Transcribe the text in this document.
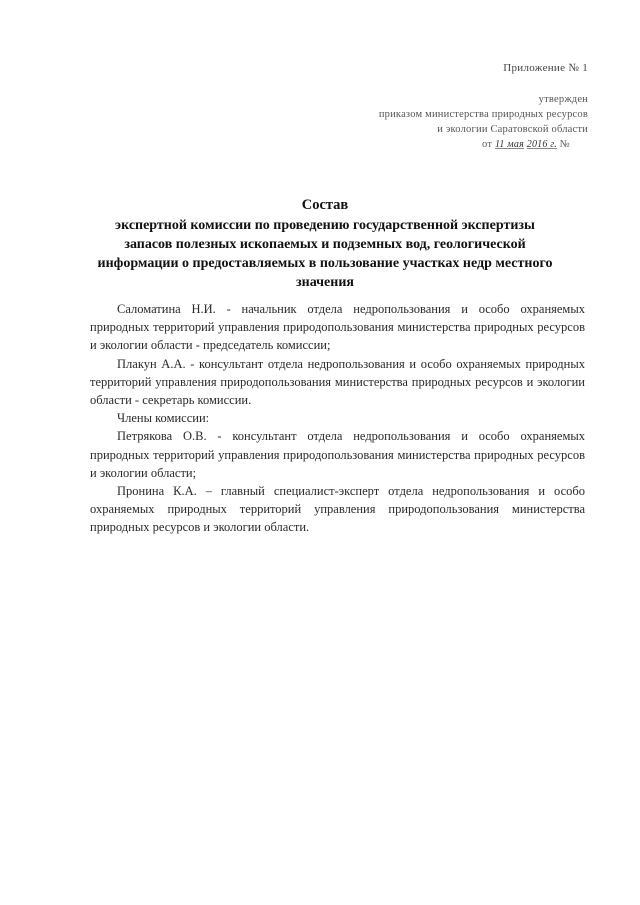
Приложение № 1
утвержден
приказом министерства природных ресурсов
и экологии Саратовской области
от 11 мая 2016 г. №
Состав
экспертной комиссии по проведению государственной экспертизы
запасов полезных ископаемых и подземных вод, геологической
информации о предоставляемых в пользование участках недр местного
значения

Саломатина Н.И. - начальник отдела недропользования и особо охраняемых природных территорий управления природопользования министерства природных ресурсов и экологии области - председатель комиссии;

Плакун А.А. - консультант отдела недропользования и особо охраняемых природных территорий управления природопользования министерства природных ресурсов и экологии области - секретарь комиссии.

Члены комиссии:

Петрякова О.В. - консультант отдела недропользования и особо охраняемых природных территорий управления природопользования министерства природных ресурсов и экологии области;

Пронина К.А. – главный специалист-эксперт отдела недропользования и особо охраняемых природных территорий управления природопользования министерства природных ресурсов и экологии области.
